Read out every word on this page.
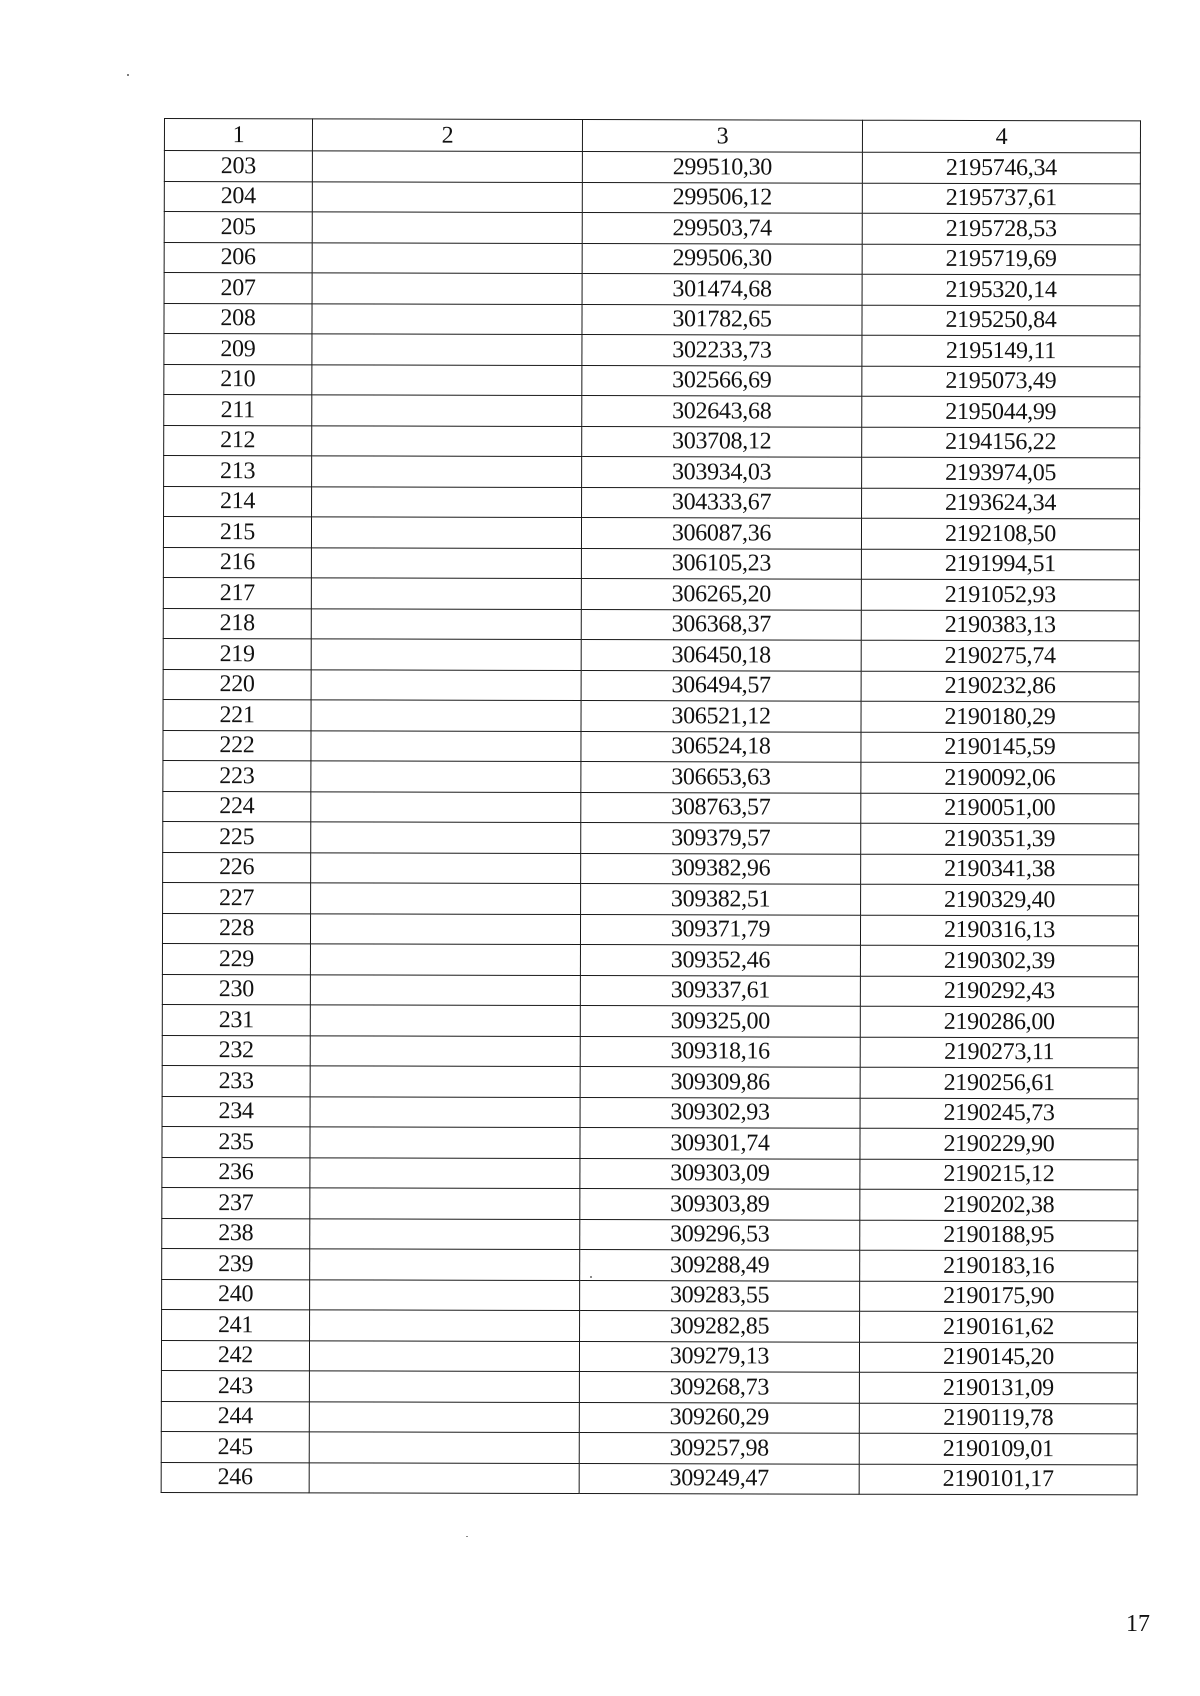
1	2	3	4
203		299510,30	2195746,34
204		299506,12	2195737,61
205		299503,74	2195728,53
206		299506,30	2195719,69
207		301474,68	2195320,14
208		301782,65	2195250,84
209		302233,73	2195149,11
210		302566,69	2195073,49
211		302643,68	2195044,99
212		303708,12	2194156,22
213		303934,03	2193974,05
214		304333,67	2193624,34
215		306087,36	2192108,50
216		306105,23	2191994,51
217		306265,20	2191052,93
218		306368,37	2190383,13
219		306450,18	2190275,74
220		306494,57	2190232,86
221		306521,12	2190180,29
222		306524,18	2190145,59
223		306653,63	2190092,06
224		308763,57	2190051,00
225		309379,57	2190351,39
226		309382,96	2190341,38
227		309382,51	2190329,40
228		309371,79	2190316,13
229		309352,46	2190302,39
230		309337,61	2190292,43
231		309325,00	2190286,00
232		309318,16	2190273,11
233		309309,86	2190256,61
234		309302,93	2190245,73
235		309301,74	2190229,90
236		309303,09	2190215,12
237		309303,89	2190202,38
238		309296,53	2190188,95
239		309288,49	2190183,16
240		309283,55	2190175,90
241		309282,85	2190161,62
242		309279,13	2190145,20
243		309268,73	2190131,09
244		309260,29	2190119,78
245		309257,98	2190109,01
246		309249,47	2190101,17
17
